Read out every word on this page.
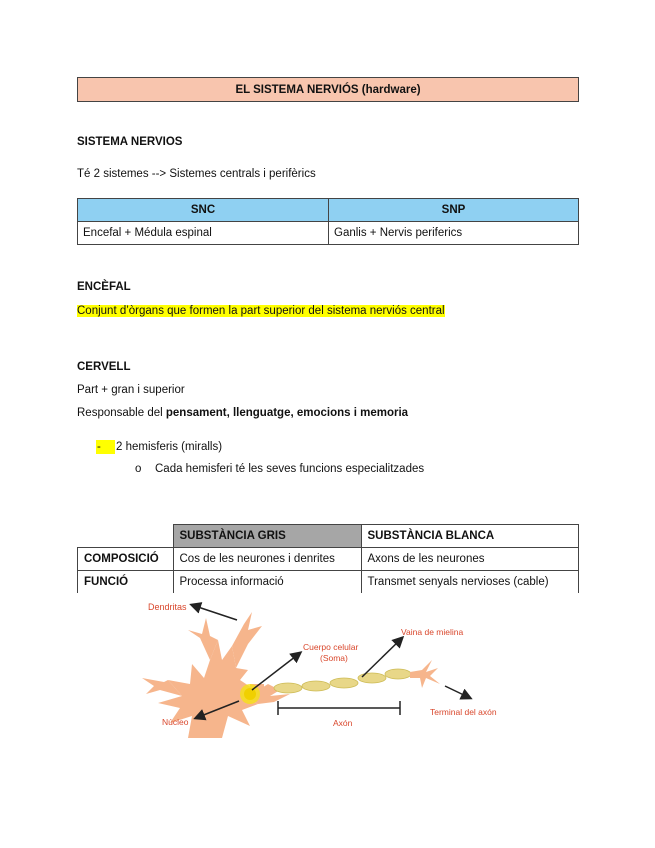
EL SISTEMA NERVIÓS (hardware)
SISTEMA NERVIOS
Té 2 sistemes --> Sistemes centrals i perifèrics
SNC	SNP
Encefal + Médula espinal	Ganlis + Nervis periferics
ENCÈFAL
Conjunt d’òrgans que formen la part superior del sistema nerviós central
CERVELL
Part + gran i superior
Responsable del pensament, llenguatge, emocions i memoria
- 2 hemisferis (miralls)
o Cada hemisferi té les seves funcions especialitzades
	SUBSTÀNCIA GRIS	SUBSTÀNCIA BLANCA
COMPOSICIÓ	Cos de les neurones i denrites	Axons de les neurones
FUNCIÓ	Processa informació	Transmet senyals nervioses (cable)
Dendritas
Cuerpo celular
(Soma)
Vaina de mielina
Núcleo	Axón
Terminal del axón
